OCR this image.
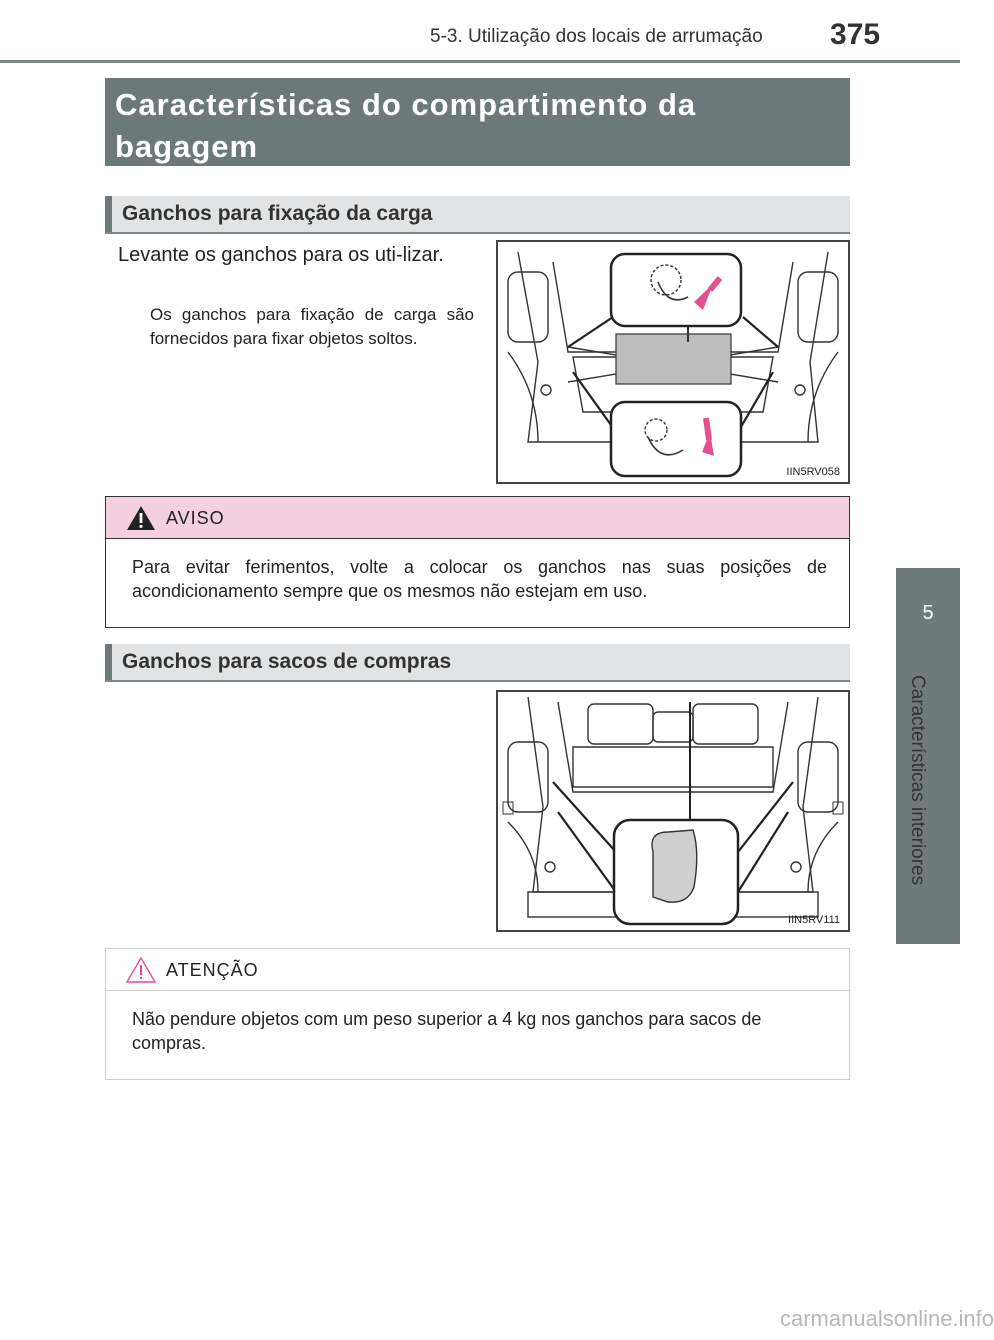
5-3. Utilização dos locais de arrumação 375
5
Características interiores
Características do compartimento da bagagem
Ganchos para fixação da carga
Levante os ganchos para os uti-lizar.
Os ganchos para fixação de carga são fornecidos para fixar objetos soltos.
IIN5RV058
AVISO
Para evitar ferimentos, volte a colocar os ganchos nas suas posições de acondicionamento sempre que os mesmos não estejam em uso.
Ganchos para sacos de compras
IIN5RV111
ATENÇÃO
Não pendure objetos com um peso superior a 4 kg nos ganchos para sacos de compras.
carmanualsonline.info
